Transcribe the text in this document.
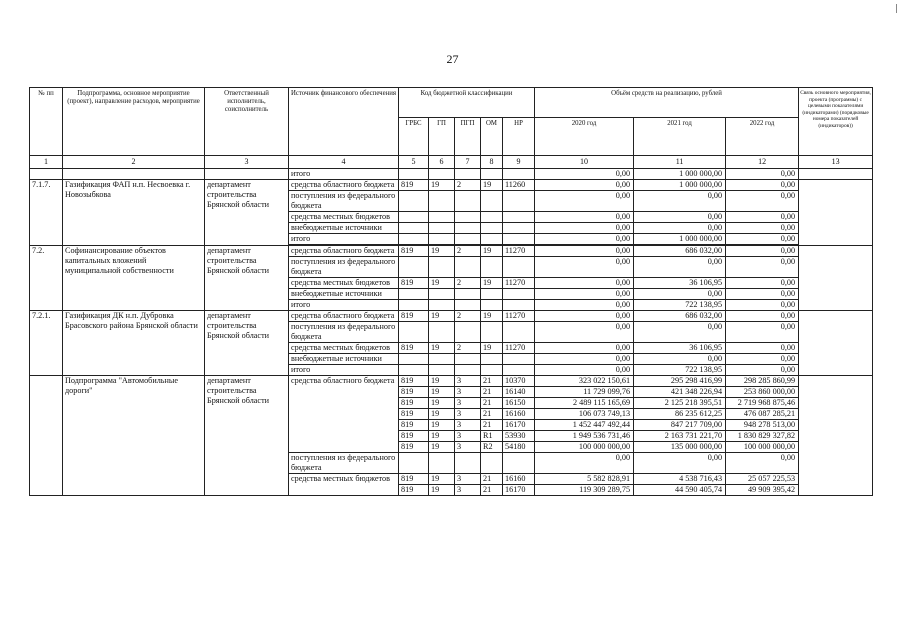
27
№ пп	Подпрограмма, основное мероприятие (проект), направление расходов, мероприятие	Ответственный исполнитель, соисполнитель	Источник финансового обеспечения	Код бюджетной классификации					Объём средств на реализацию, рублей			Связь основного мероприятия, проекта (программы) с целевыми показателями (индикаторами) (порядковые номера показателей (индикаторов))
				ГРБС	ГП	ПГП	ОМ	НР	2020 год	2021 год	2022 год	
1	2	3	4	5	6	7	8	9	10	11	12	13
			итого						0,00	1 000 000,00	0,00	
7.1.7.	Газификация ФАП н.п. Несвоевка г. Новозыбкова	департамент строительства Брянской области	средства областного бюджета	819	19	2	19	11260	0,00	1 000 000,00	0,00	
			поступления из федерального бюджета						0,00	0,00	0,00	
			средства местных бюджетов						0,00	0,00	0,00	
			внебюджетные источники						0,00	0,00	0,00	
			итого						0,00	1 000 000,00	0,00	

7.2.	Софинансирование объектов капитальных вложений муниципальной собственности	департамент строительства Брянской области	средства областного бюджета	819	19	2	19	11270	0,00	686 032,00	0,00	
			поступления из федерального бюджета						0,00	0,00	0,00	
			средства местных бюджетов	819	19	2	19	11270	0,00	36 106,95	0,00	
			внебюджетные источники						0,00	0,00	0,00	
			итого						0,00	722 138,95	0,00	
7.2.1.	Газификация ДК н.п. Дубровка Брасовского района Брянской области	департамент строительства Брянской области	средства областного бюджета	819	19	2	19	11270	0,00	686 032,00	0,00	
			поступления из федерального бюджета						0,00	0,00	0,00	
			средства местных бюджетов	819	19	2	19	11270	0,00	36 106,95	0,00	
			внебюджетные источники						0,00	0,00	0,00	
			итого						0,00	722 138,95	0,00	
	Подпрограмма "Автомобильные дороги"	департамент строительства Брянской области	средства областного бюджета	819	19	3	21	10370	323 022 150,61	295 298 416,99	298 285 860,99	
				819	19	3	21	16140	11 729 099,76	421 348 226,94	253 860 000,00	
				819	19	3	21	16150	2 489 115 165,69	2 125 218 395,51	2 719 968 875,46	
				819	19	3	21	16160	106 073 749,13	86 235 612,25	476 087 285,21	
				819	19	3	21	16170	1 452 447 492,44	847 217 709,00	948 278 513,00	
				819	19	3	R1	53930	1 949 536 731,46	2 163 731 221,70	1 830 829 327,82	
				819	19	3	R2	54180	100 000 000,00	135 000 000,00	100 000 000,00	
			поступления из федерального бюджета						0,00	0,00	0,00	
			средства местных бюджетов	819	19	3	21	16160	5 582 828,91	4 538 716,43	25 057 225,53	
				819	19	3	21	16170	119 309 289,75	44 590 405,74	49 909 395,42	
